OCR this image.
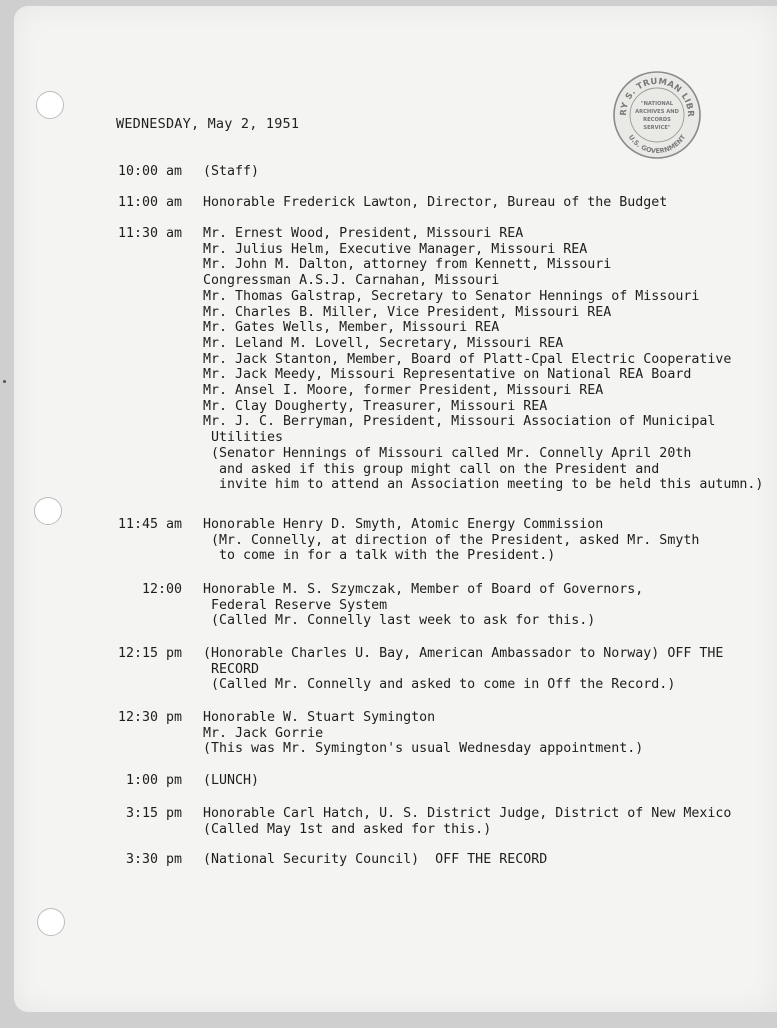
RY S. TRUMAN LIBR
U.S. GOVERNMENT
"NATIONAL
ARCHIVES AND
RECORDS
SERVICE"
WEDNESDAY, May 2, 1951
10:00 am (Staff)
11:00 am Honorable Frederick Lawton, Director, Bureau of the Budget
11:30 am Mr. Ernest Wood, President, Missouri REA
Mr. Julius Helm, Executive Manager, Missouri REA
Mr. John M. Dalton, attorney from Kennett, Missouri
Congressman A.S.J. Carnahan, Missouri
Mr. Thomas Galstrap, Secretary to Senator Hennings of Missouri
Mr. Charles B. Miller, Vice President, Missouri REA
Mr. Gates Wells, Member, Missouri REA
Mr. Leland M. Lovell, Secretary, Missouri REA
Mr. Jack Stanton, Member, Board of Platt-Cpal Electric Cooperative
Mr. Jack Meedy, Missouri Representative on National REA Board
Mr. Ansel I. Moore, former President, Missouri REA
Mr. Clay Dougherty, Treasurer, Missouri REA
Mr. J. C. Berryman, President, Missouri Association of Municipal
Utilities
(Senator Hennings of Missouri called Mr. Connelly April 20th
and asked if this group might call on the President and
invite him to attend an Association meeting to be held this autumn.)
11:45 am Honorable Henry D. Smyth, Atomic Energy Commission
(Mr. Connelly, at direction of the President, asked Mr. Smyth
to come in for a talk with the President.)
12:00 Honorable M. S. Szymczak, Member of Board of Governors,
Federal Reserve System
(Called Mr. Connelly last week to ask for this.)
12:15 pm (Honorable Charles U. Bay, American Ambassador to Norway) OFF THE
RECORD
(Called Mr. Connelly and asked to come in Off the Record.)
12:30 pm Honorable W. Stuart Symington
Mr. Jack Gorrie
(This was Mr. Symington's usual Wednesday appointment.)
1:00 pm (LUNCH)
3:15 pm Honorable Carl Hatch, U. S. District Judge, District of New Mexico
(Called May 1st and asked for this.)
3:30 pm (National Security Council)  OFF THE RECORD
